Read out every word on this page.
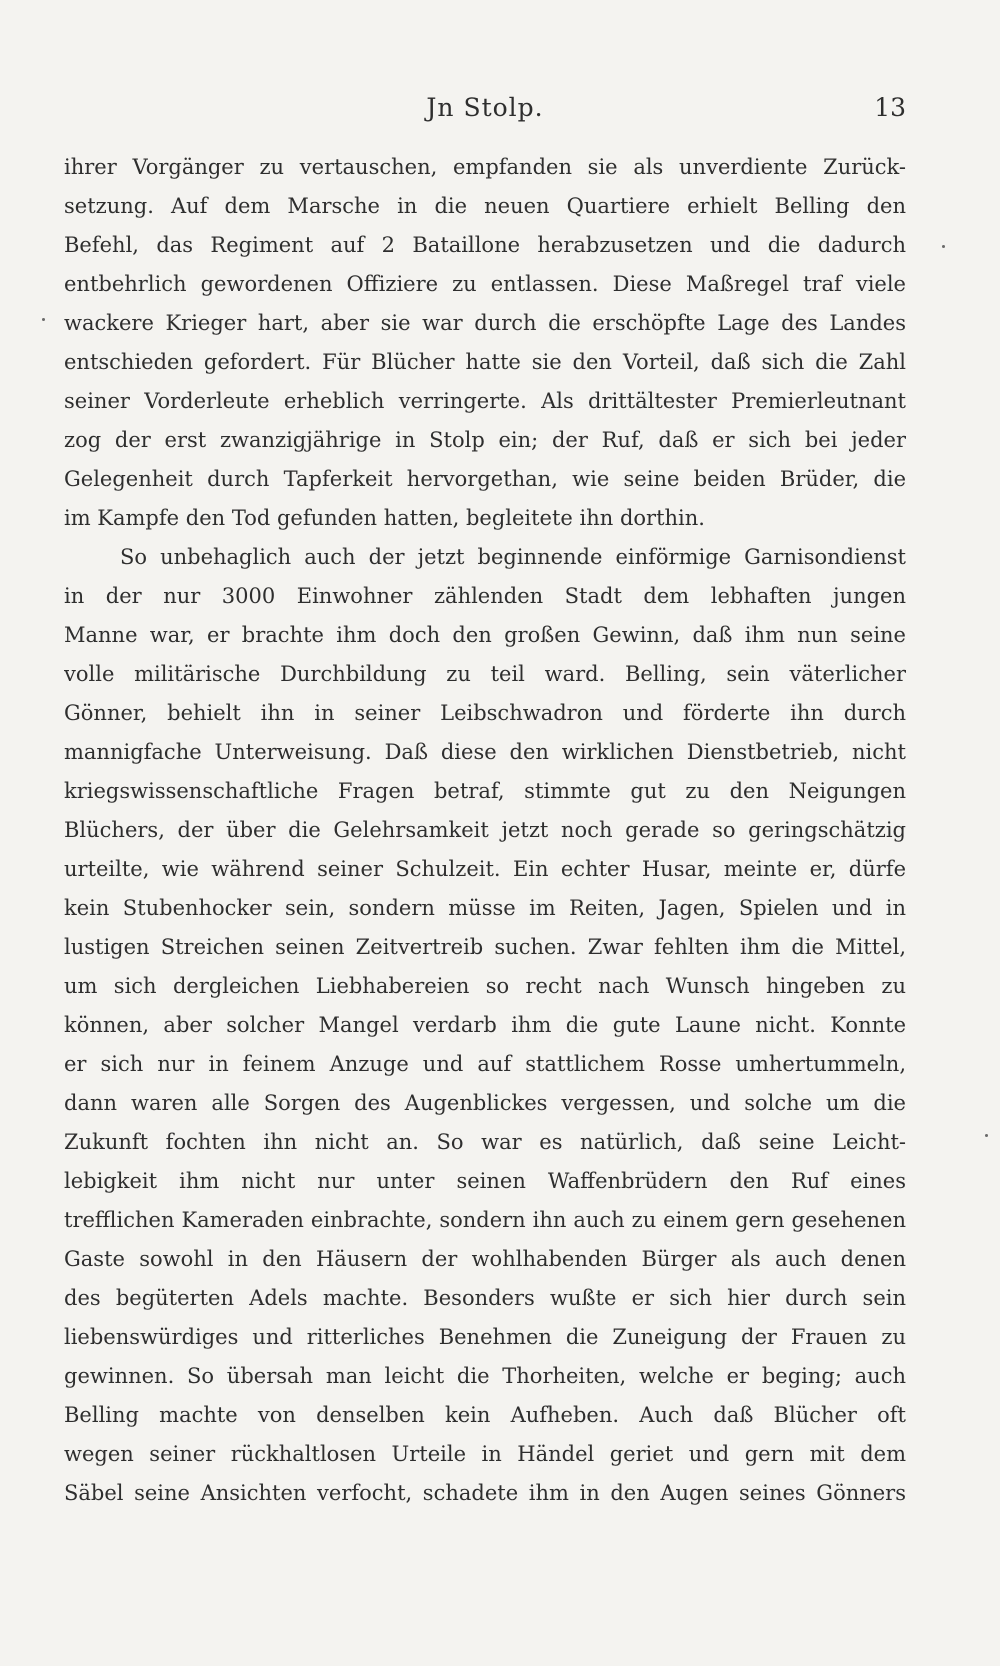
Jn Stolp.	13
ihrer Vorgänger zu vertauschen, empfanden sie als unverdiente Zurück-
setzung. Auf dem Marsche in die neuen Quartiere erhielt Belling den
Befehl, das Regiment auf 2 Bataillone herabzusetzen und die dadurch
entbehrlich gewordenen Offiziere zu entlassen. Diese Maßregel traf viele
wackere Krieger hart, aber sie war durch die erschöpfte Lage des Landes
entschieden gefordert. Für Blücher hatte sie den Vorteil, daß sich die Zahl
seiner Vorderleute erheblich verringerte. Als drittältester Premierleutnant
zog der erst zwanzigjährige in Stolp ein; der Ruf, daß er sich bei jeder
Gelegenheit durch Tapferkeit hervorgethan, wie seine beiden Brüder, die
im Kampfe den Tod gefunden hatten, begleitete ihn dorthin.
So unbehaglich auch der jetzt beginnende einförmige Garnisondienst
in der nur 3000 Einwohner zählenden Stadt dem lebhaften jungen
Manne war, er brachte ihm doch den großen Gewinn, daß ihm nun seine
volle militärische Durchbildung zu teil ward. Belling, sein väterlicher
Gönner, behielt ihn in seiner Leibschwadron und förderte ihn durch
mannigfache Unterweisung. Daß diese den wirklichen Dienstbetrieb, nicht
kriegswissenschaftliche Fragen betraf, stimmte gut zu den Neigungen
Blüchers, der über die Gelehrsamkeit jetzt noch gerade so geringschätzig
urteilte, wie während seiner Schulzeit. Ein echter Husar, meinte er, dürfe
kein Stubenhocker sein, sondern müsse im Reiten, Jagen, Spielen und in
lustigen Streichen seinen Zeitvertreib suchen. Zwar fehlten ihm die Mittel,
um sich dergleichen Liebhabereien so recht nach Wunsch hingeben zu
können, aber solcher Mangel verdarb ihm die gute Laune nicht. Konnte
er sich nur in feinem Anzuge und auf stattlichem Rosse umhertummeln,
dann waren alle Sorgen des Augenblickes vergessen, und solche um die
Zukunft fochten ihn nicht an. So war es natürlich, daß seine Leicht-
lebigkeit ihm nicht nur unter seinen Waffenbrüdern den Ruf eines
trefflichen Kameraden einbrachte, sondern ihn auch zu einem gern gesehenen
Gaste sowohl in den Häusern der wohlhabenden Bürger als auch denen
des begüterten Adels machte. Besonders wußte er sich hier durch sein
liebenswürdiges und ritterliches Benehmen die Zuneigung der Frauen zu
gewinnen. So übersah man leicht die Thorheiten, welche er beging; auch
Belling machte von denselben kein Aufheben. Auch daß Blücher oft
wegen seiner rückhaltlosen Urteile in Händel geriet und gern mit dem
Säbel seine Ansichten verfocht, schadete ihm in den Augen seines Gönners
